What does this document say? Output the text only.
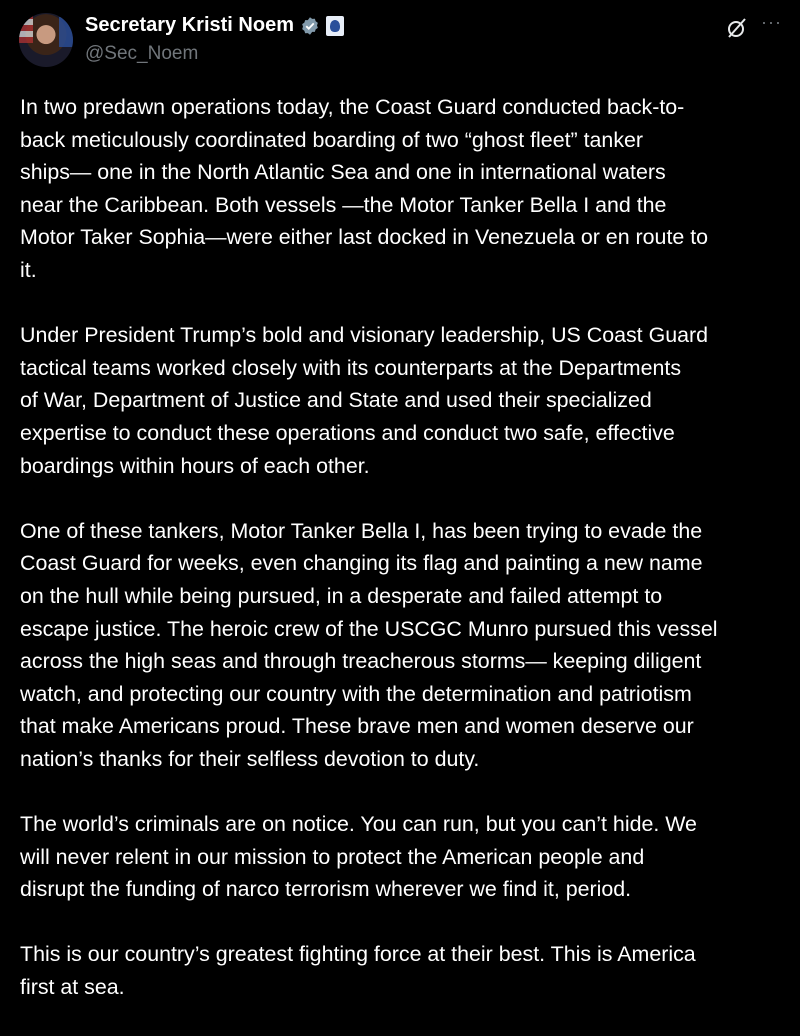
Secretary Kristi Noem
@Sec_Noem
···
In two predawn operations today, the Coast Guard conducted back-to-
back meticulously coordinated boarding of two “ghost fleet” tanker
ships— one in the North Atlantic Sea and one in international waters
near the Caribbean. Both vessels —the Motor Tanker Bella I and the
Motor Taker Sophia—were either last docked in Venezuela or en route to
it.
Under President Trump’s bold and visionary leadership, US Coast Guard
tactical teams worked closely with its counterparts at the Departments
of War, Department of Justice and State and used their specialized
expertise to conduct these operations and conduct two safe, effective
boardings within hours of each other.
One of these tankers, Motor Tanker Bella I, has been trying to evade the
Coast Guard for weeks, even changing its flag and painting a new name
on the hull while being pursued, in a desperate and failed attempt to
escape justice. The heroic crew of the USCGC Munro pursued this vessel
across the high seas and through treacherous storms— keeping diligent
watch, and protecting our country with the determination and patriotism
that make Americans proud. These brave men and women deserve our
nation’s thanks for their selfless devotion to duty.
The world’s criminals are on notice. You can run, but you can’t hide. We
will never relent in our mission to protect the American people and
disrupt the funding of narco terrorism wherever we find it, period.
This is our country’s greatest fighting force at their best. This is America
first at sea.
